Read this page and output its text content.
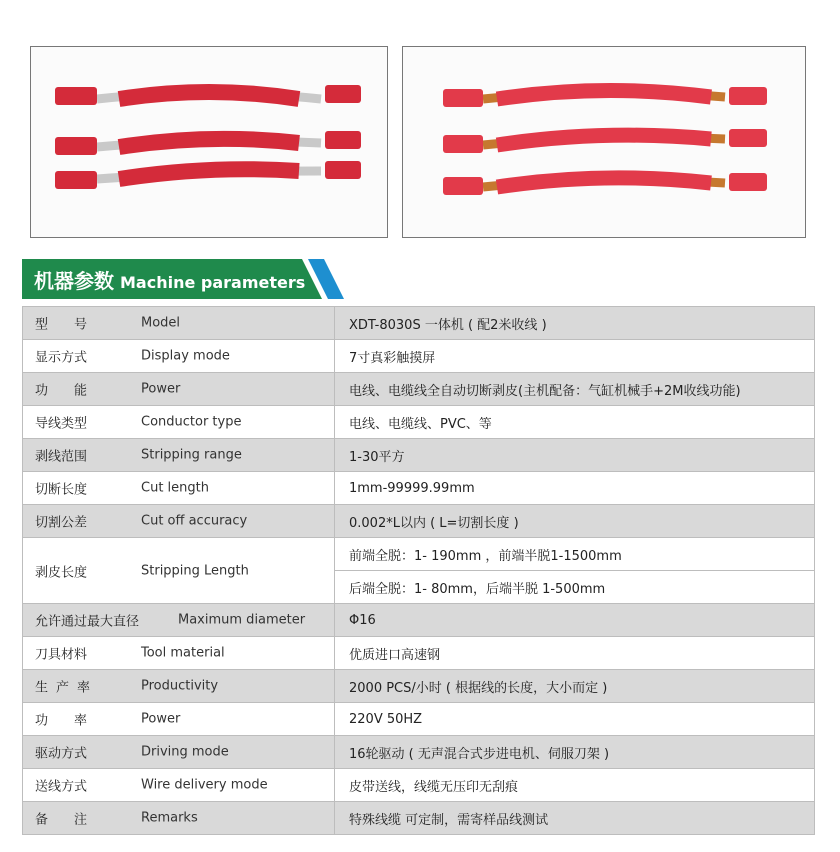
机器参数 Machine parameters
型号 Model	XDT-8030S 一体机 ( 配2米收线 )

显示方式 Display mode	7寸真彩触摸屏

功能 Power	电线、电缆线全自动切断剥皮(主机配备：气缸机械手+2M收线功能)

导线类型 Conductor type	电线、电缆线、PVC、等

剥线范围 Stripping range	1-30平方

切断长度 Cut length	1mm-99999.99mm

切割公差 Cut off accuracy	0.002*L以内 ( L=切割长度 )

剥皮长度 Stripping Length	前端全脱：1- 190mm ，前端半脱1-1500mm
	后端全脱：1- 80mm，后端半脱 1-500mm

允许通过最大直径 Maximum diameter	Φ16

刀具材料 Tool material	优质进口高速钢

生产率 Productivity	2000 PCS/小时 ( 根据线的长度，大小而定 )

功率 Power	220V 50HZ

驱动方式 Driving mode	16轮驱动 ( 无声混合式步进电机、伺服刀架 )

送线方式 Wire delivery mode	皮带送线，线缆无压印无刮痕

备注 Remarks	特殊线缆 可定制，需寄样品线测试
